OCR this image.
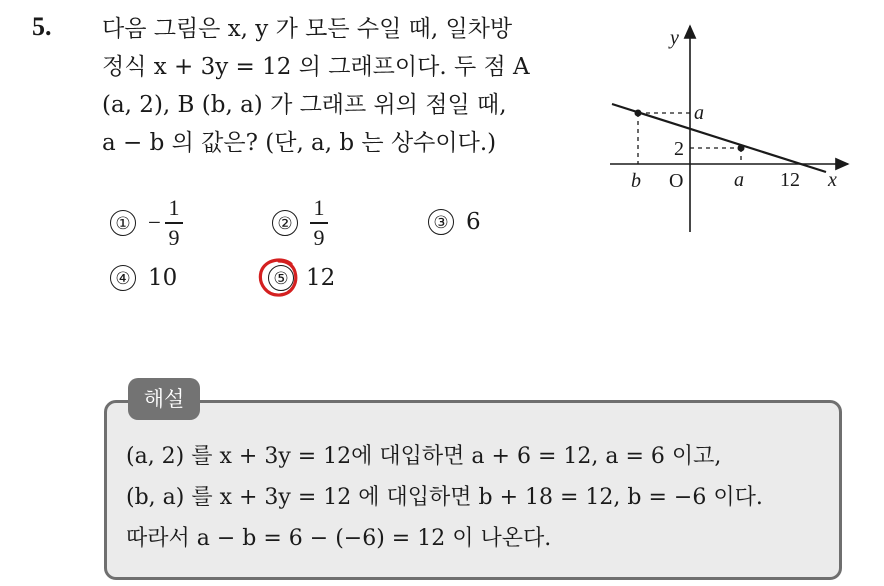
5. 다음 그림은 x, y 가 모든 수일 때, 일차방
정식 x + 3y = 12 의 그래프이다. 두 점 A
(a, 2), B (b, a) 가 그래프 위의 점일 때,
a − b 의 값은? (단, a, b 는 상수이다.)
① − $\frac{1}{9}$	② $\frac{1}{9}$	③ 6
④ 10	⑤ 12
y
x
O
a
2
b	a 12
해설
(a, 2) 를 x + 3y = 12에 대입하면 a + 6 = 12, a = 6 이고,
(b, a) 를 x + 3y = 12 에 대입하면 b + 18 = 12, b = −6 이다.
따라서 a − b = 6 − (−6) = 12 이 나온다.
